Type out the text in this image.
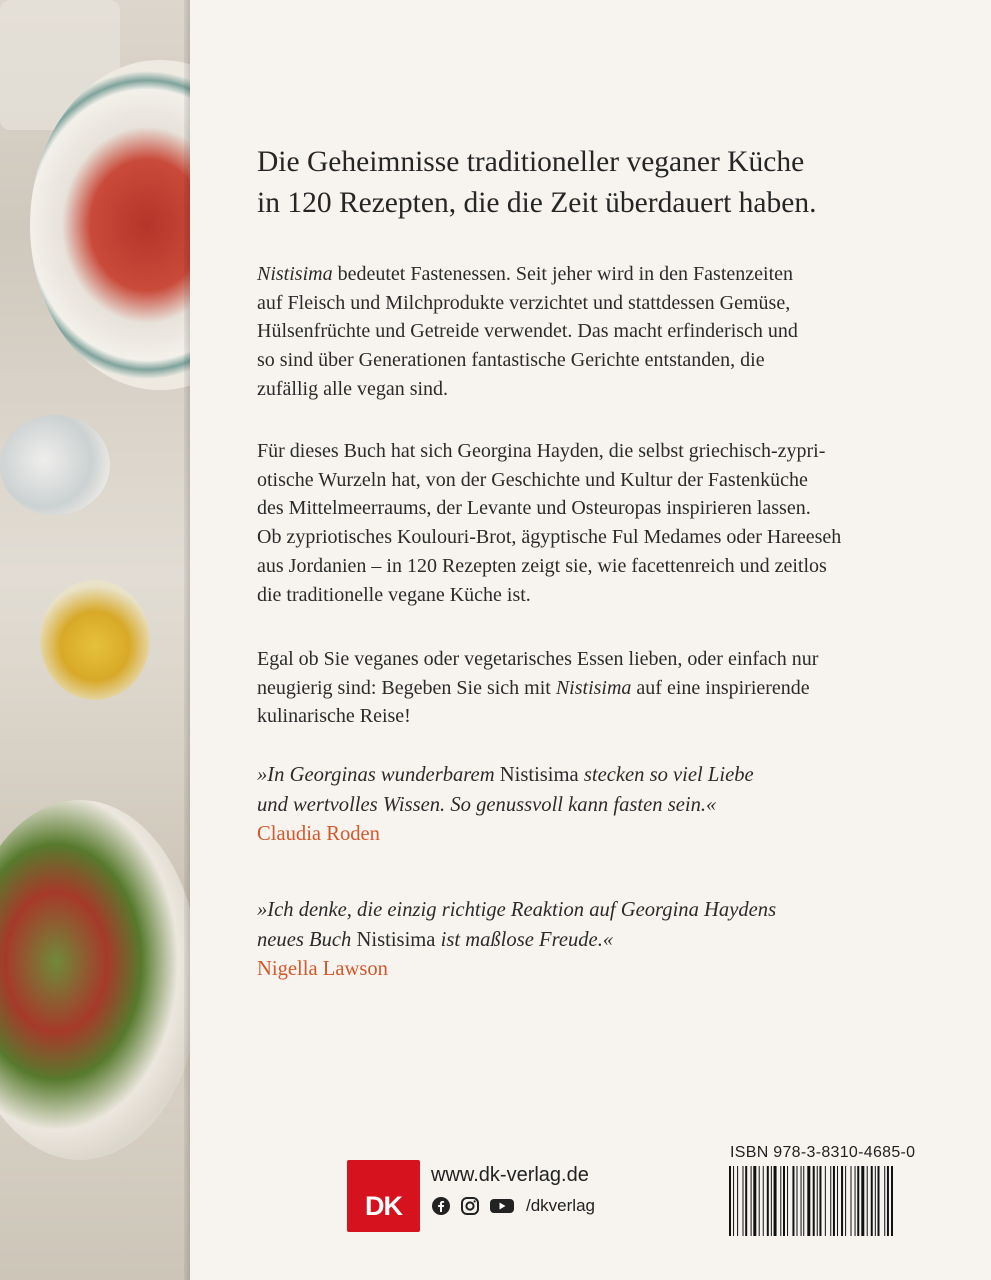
Die Geheimnisse traditioneller veganer Küche
in 120 Rezepten, die die Zeit überdauert haben.
Nistisima bedeutet Fastenessen. Seit jeher wird in den Fastenzeiten
auf Fleisch und Milchprodukte verzichtet und stattdessen Gemüse,
Hülsenfrüchte und Getreide verwendet. Das macht erfinderisch und
so sind über Generationen fantastische Gerichte entstanden, die
zufällig alle vegan sind.
Für dieses Buch hat sich Georgina Hayden, die selbst griechisch-zypri-
otische Wurzeln hat, von der Geschichte und Kultur der Fastenküche
des Mittelmeerraums, der Levante und Osteuropas inspirieren lassen.
Ob zypriotisches Koulouri-Brot, ägyptische Ful Medames oder Hareeseh
aus Jordanien – in 120 Rezepten zeigt sie, wie facettenreich und zeitlos
die traditionelle vegane Küche ist.
Egal ob Sie veganes oder vegetarisches Essen lieben, oder einfach nur
neugierig sind: Begeben Sie sich mit Nistisima auf eine inspirierende
kulinarische Reise!
»In Georginas wunderbarem Nistisima stecken so viel Liebe
und wertvolles Wissen. So genussvoll kann fasten sein.«
Claudia Roden
»Ich denke, die einzig richtige Reaktion auf Georgina Haydens
neues Buch Nistisima ist maßlose Freude.«
Nigella Lawson
DK
www.dk-verlag.de
/dkverlag
ISBN 978-3-8310-4685-0
